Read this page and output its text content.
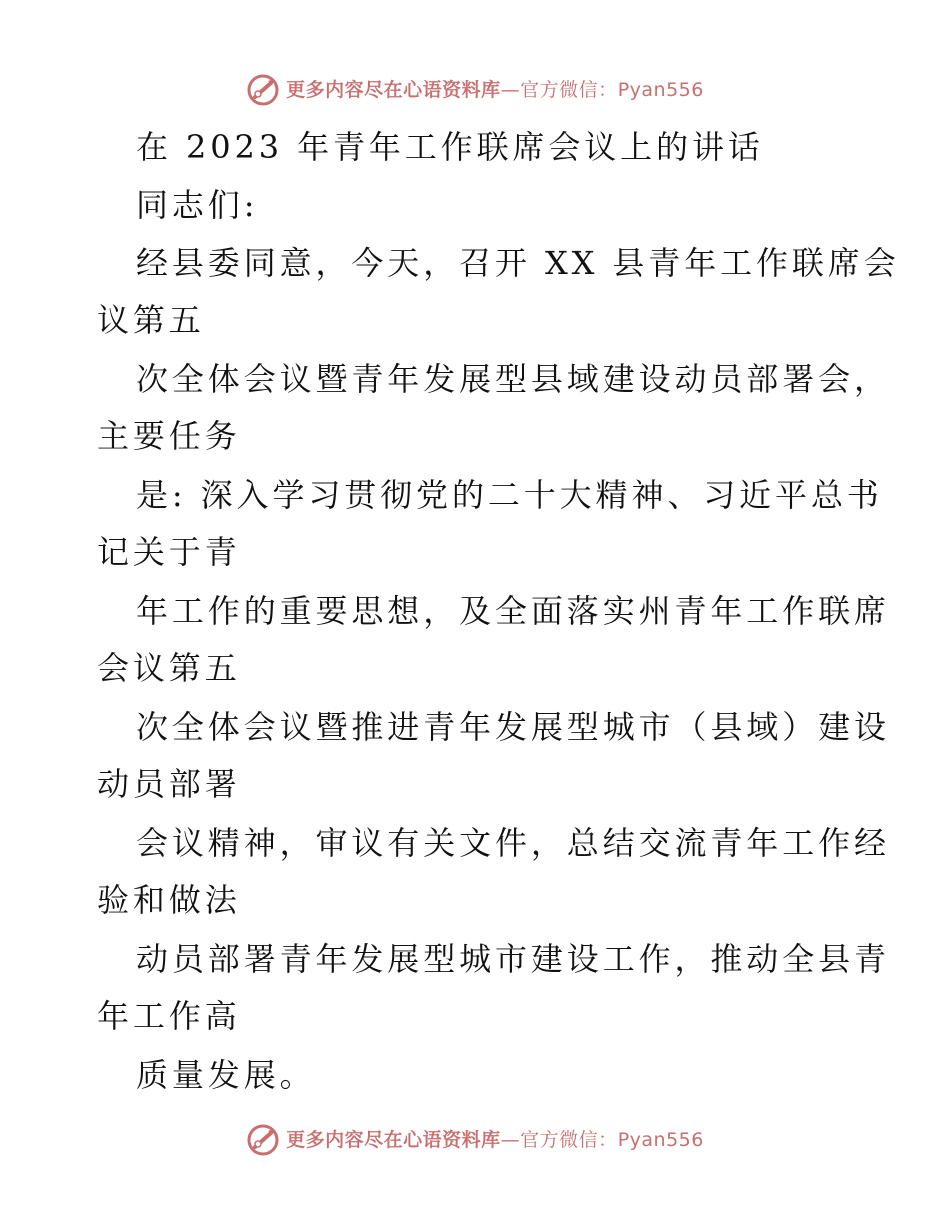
更多内容尽在心语资料库—官方微信：Pyan556
在 2023 年青年工作联席会议上的讲话
同志们:
经县委同意，今天，召开 XX 县青年工作联席会
议第五
次全体会议暨青年发展型县域建设动员部署会，
主要任务
是: 深入学习贯彻党的二十大精神、习近平总书
记关于青
年工作的重要思想，及全面落实州青年工作联席
会议第五
次全体会议暨推进青年发展型城市（县域）建设
动员部署
会议精神，审议有关文件，总结交流青年工作经
验和做法
动员部署青年发展型城市建设工作，推动全县青
年工作高
质量发展。
更多内容尽在心语资料库—官方微信：Pyan556
